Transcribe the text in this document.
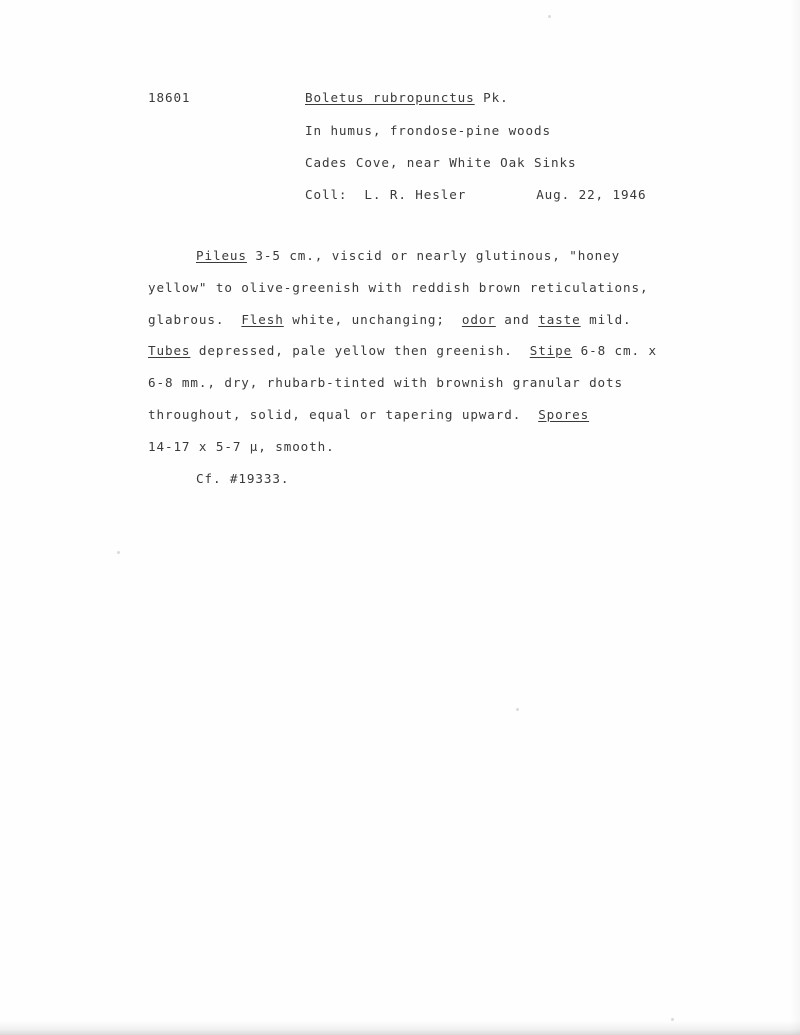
18601	Boletus rubropunctus Pk.
In humus, frondose-pine woods
Cades Cove, near White Oak Sinks
Coll: L. R. Hesler	Aug. 22, 1946
Pileus 3-5 cm., viscid or nearly glutinous, "honey
yellow" to olive-greenish with reddish brown reticulations,
glabrous.  Flesh white, unchanging;  odor and taste mild.
Tubes depressed, pale yellow then greenish.  Stipe 6-8 cm. x
6-8 mm., dry, rhubarb-tinted with brownish granular dots
throughout, solid, equal or tapering upward.  Spores
14-17 x 5-7 μ, smooth.
Cf. #19333.
